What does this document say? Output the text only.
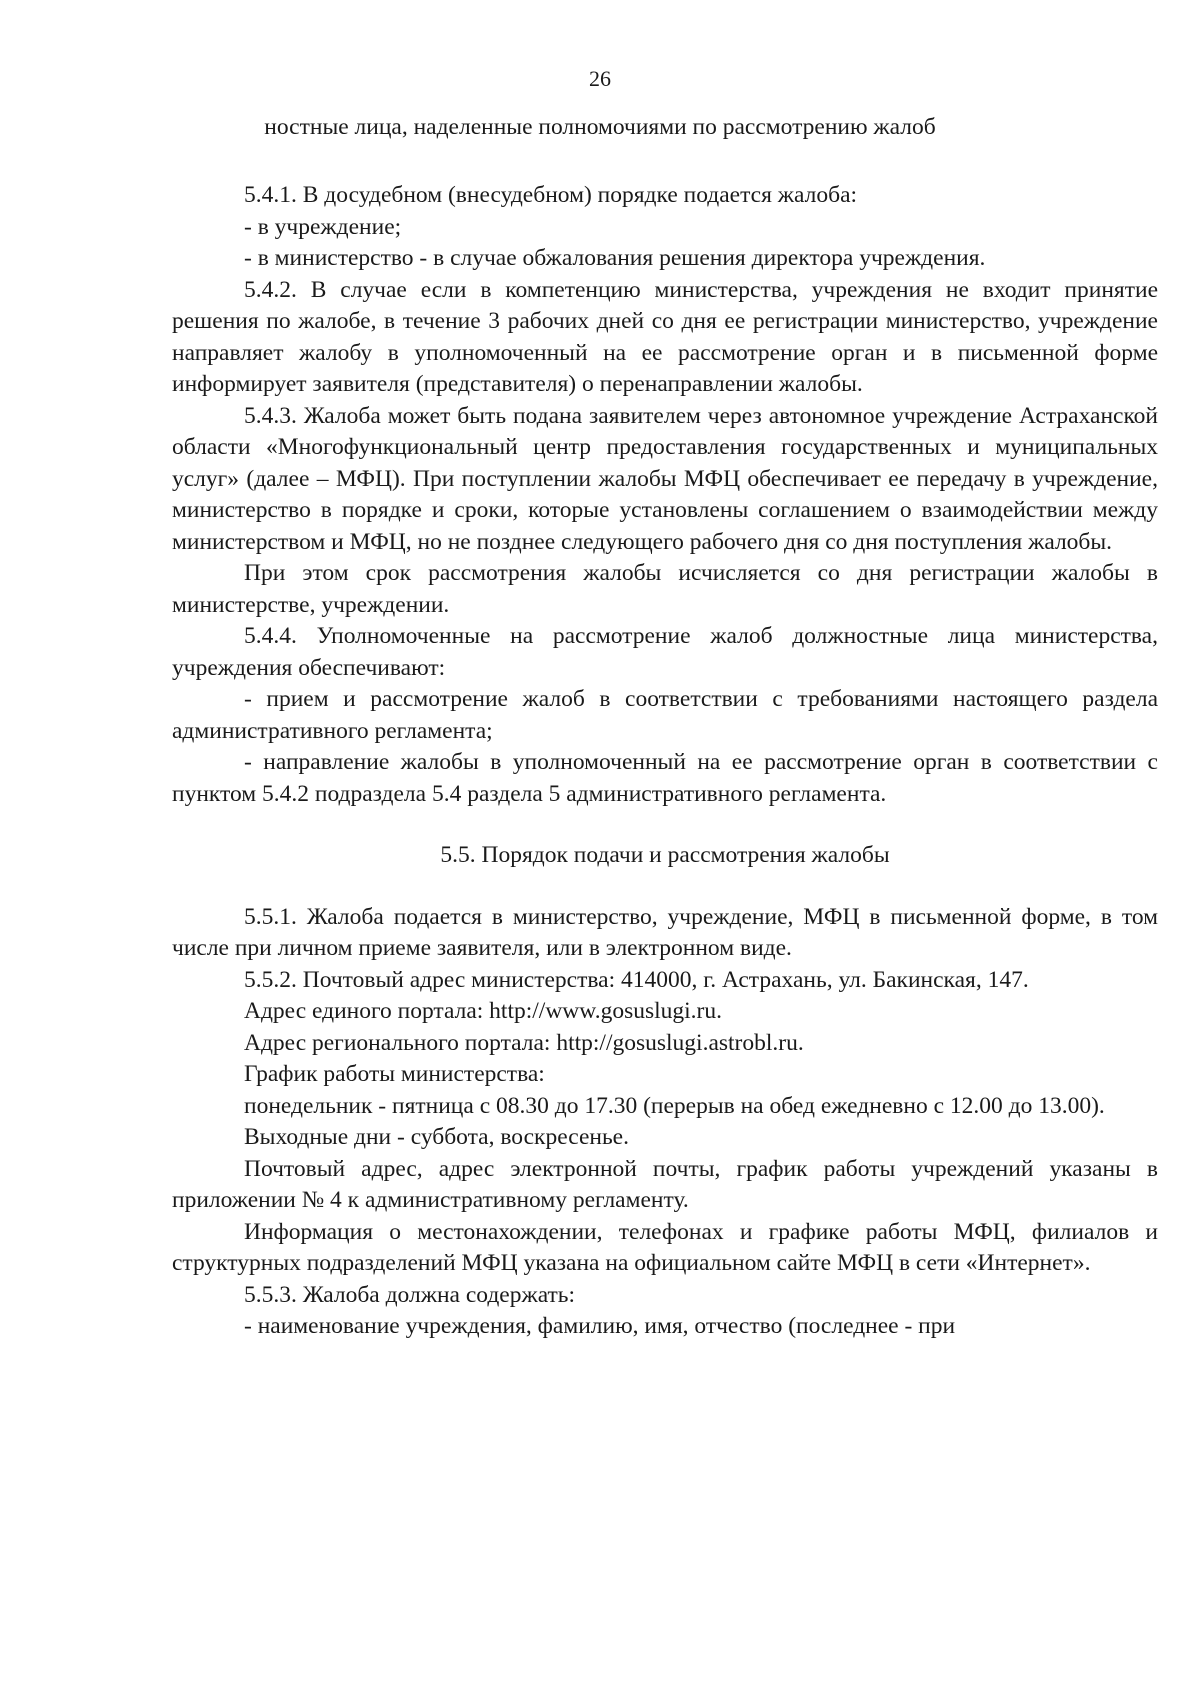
26

ностные лица, наделенные полномочиями по рассмотрению жалоб

5.4.1. В досудебном (внесудебном) порядке подается жалоба:

- в учреждение;

- в министерство - в случае обжалования решения директора учреждения.

5.4.2. В случае если в компетенцию министерства, учреждения не входит принятие решения по жалобе, в течение 3 рабочих дней со дня ее регистрации министерство, учреждение направляет жалобу в уполномоченный на ее рассмотрение орган и в письменной форме информирует заявителя (представителя) о перенаправлении жалобы.

5.4.3. Жалоба может быть подана заявителем через автономное учреждение Астраханской области «Многофункциональный центр предоставления государственных и муниципальных услуг» (далее – МФЦ). При поступлении жалобы МФЦ обеспечивает ее передачу в учреждение, министерство в порядке и сроки, которые установлены соглашением о взаимодействии между министерством и МФЦ, но не позднее следующего рабочего дня со дня поступления жалобы.

При этом срок рассмотрения жалобы исчисляется со дня регистрации жалобы в министерстве, учреждении.

5.4.4. Уполномоченные на рассмотрение жалоб должностные лица министерства, учреждения обеспечивают:

- прием и рассмотрение жалоб в соответствии с требованиями настоящего раздела административного регламента;

- направление жалобы в уполномоченный на ее рассмотрение орган в соответствии с пунктом 5.4.2 подраздела 5.4 раздела 5 административного регламента.

5.5. Порядок подачи и рассмотрения жалобы

5.5.1. Жалоба подается в министерство, учреждение, МФЦ в письменной форме, в том числе при личном приеме заявителя, или в электронном виде.

5.5.2. Почтовый адрес министерства: 414000, г. Астрахань, ул. Бакинская, 147.

Адрес единого портала: http://www.gosuslugi.ru.

Адрес регионального портала: http://gosuslugi.astrobl.ru.

График работы министерства:

понедельник - пятница с 08.30 до 17.30 (перерыв на обед ежедневно с 12.00 до 13.00).

Выходные дни - суббота, воскресенье.

Почтовый адрес, адрес электронной почты, график работы учреждений указаны в приложении № 4 к административному регламенту.

Информация о местонахождении, телефонах и графике работы МФЦ, филиалов и структурных подразделений МФЦ указана на официальном сайте МФЦ в сети «Интернет».

5.5.3. Жалоба должна содержать:

- наименование учреждения, фамилию, имя, отчество (последнее - при
